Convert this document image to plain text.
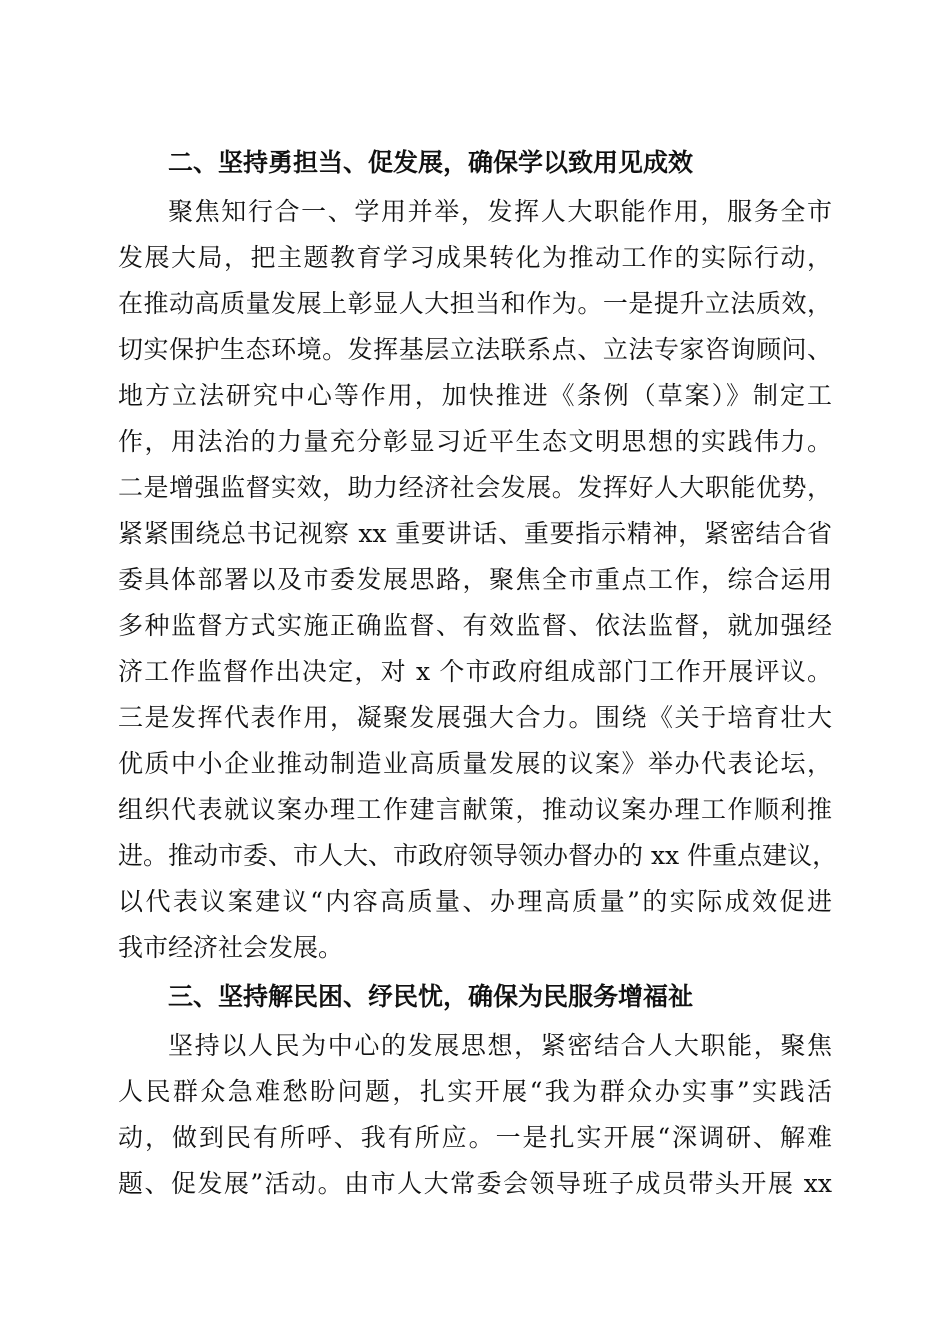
二、坚持勇担当、促发展，确保学以致用见成效

聚焦知行合一、学用并举，发挥人大职能作用，服务全市
发展大局，把主题教育学习成果转化为推动工作的实际行动，
在推动高质量发展上彰显人大担当和作为。一是提升立法质效，
切实保护生态环境。发挥基层立法联系点、立法专家咨询顾问、
地方立法研究中心等作用，加快推进《条例（草案）》制定工
作，用法治的力量充分彰显习近平生态文明思想的实践伟力。
二是增强监督实效，助力经济社会发展。发挥好人大职能优势，
紧紧围绕总书记视察 xx 重要讲话、重要指示精神，紧密结合省
委具体部署以及市委发展思路，聚焦全市重点工作，综合运用
多种监督方式实施正确监督、有效监督、依法监督，就加强经
济工作监督作出决定，对 x 个市政府组成部门工作开展评议。
三是发挥代表作用，凝聚发展强大合力。围绕《关于培育壮大
优质中小企业推动制造业高质量发展的议案》举办代表论坛，
组织代表就议案办理工作建言献策，推动议案办理工作顺利推
进。推动市委、市人大、市政府领导领办督办的 xx 件重点建议，
以代表议案建议“内容高质量、办理高质量”的实际成效促进
我市经济社会发展。

三、坚持解民困、纾民忧，确保为民服务增福祉

坚持以人民为中心的发展思想，紧密结合人大职能，聚焦
人民群众急难愁盼问题，扎实开展“我为群众办实事”实践活
动，做到民有所呼、我有所应。一是扎实开展“深调研、解难
题、促发展”活动。由市人大常委会领导班子成员带头开展 xx
